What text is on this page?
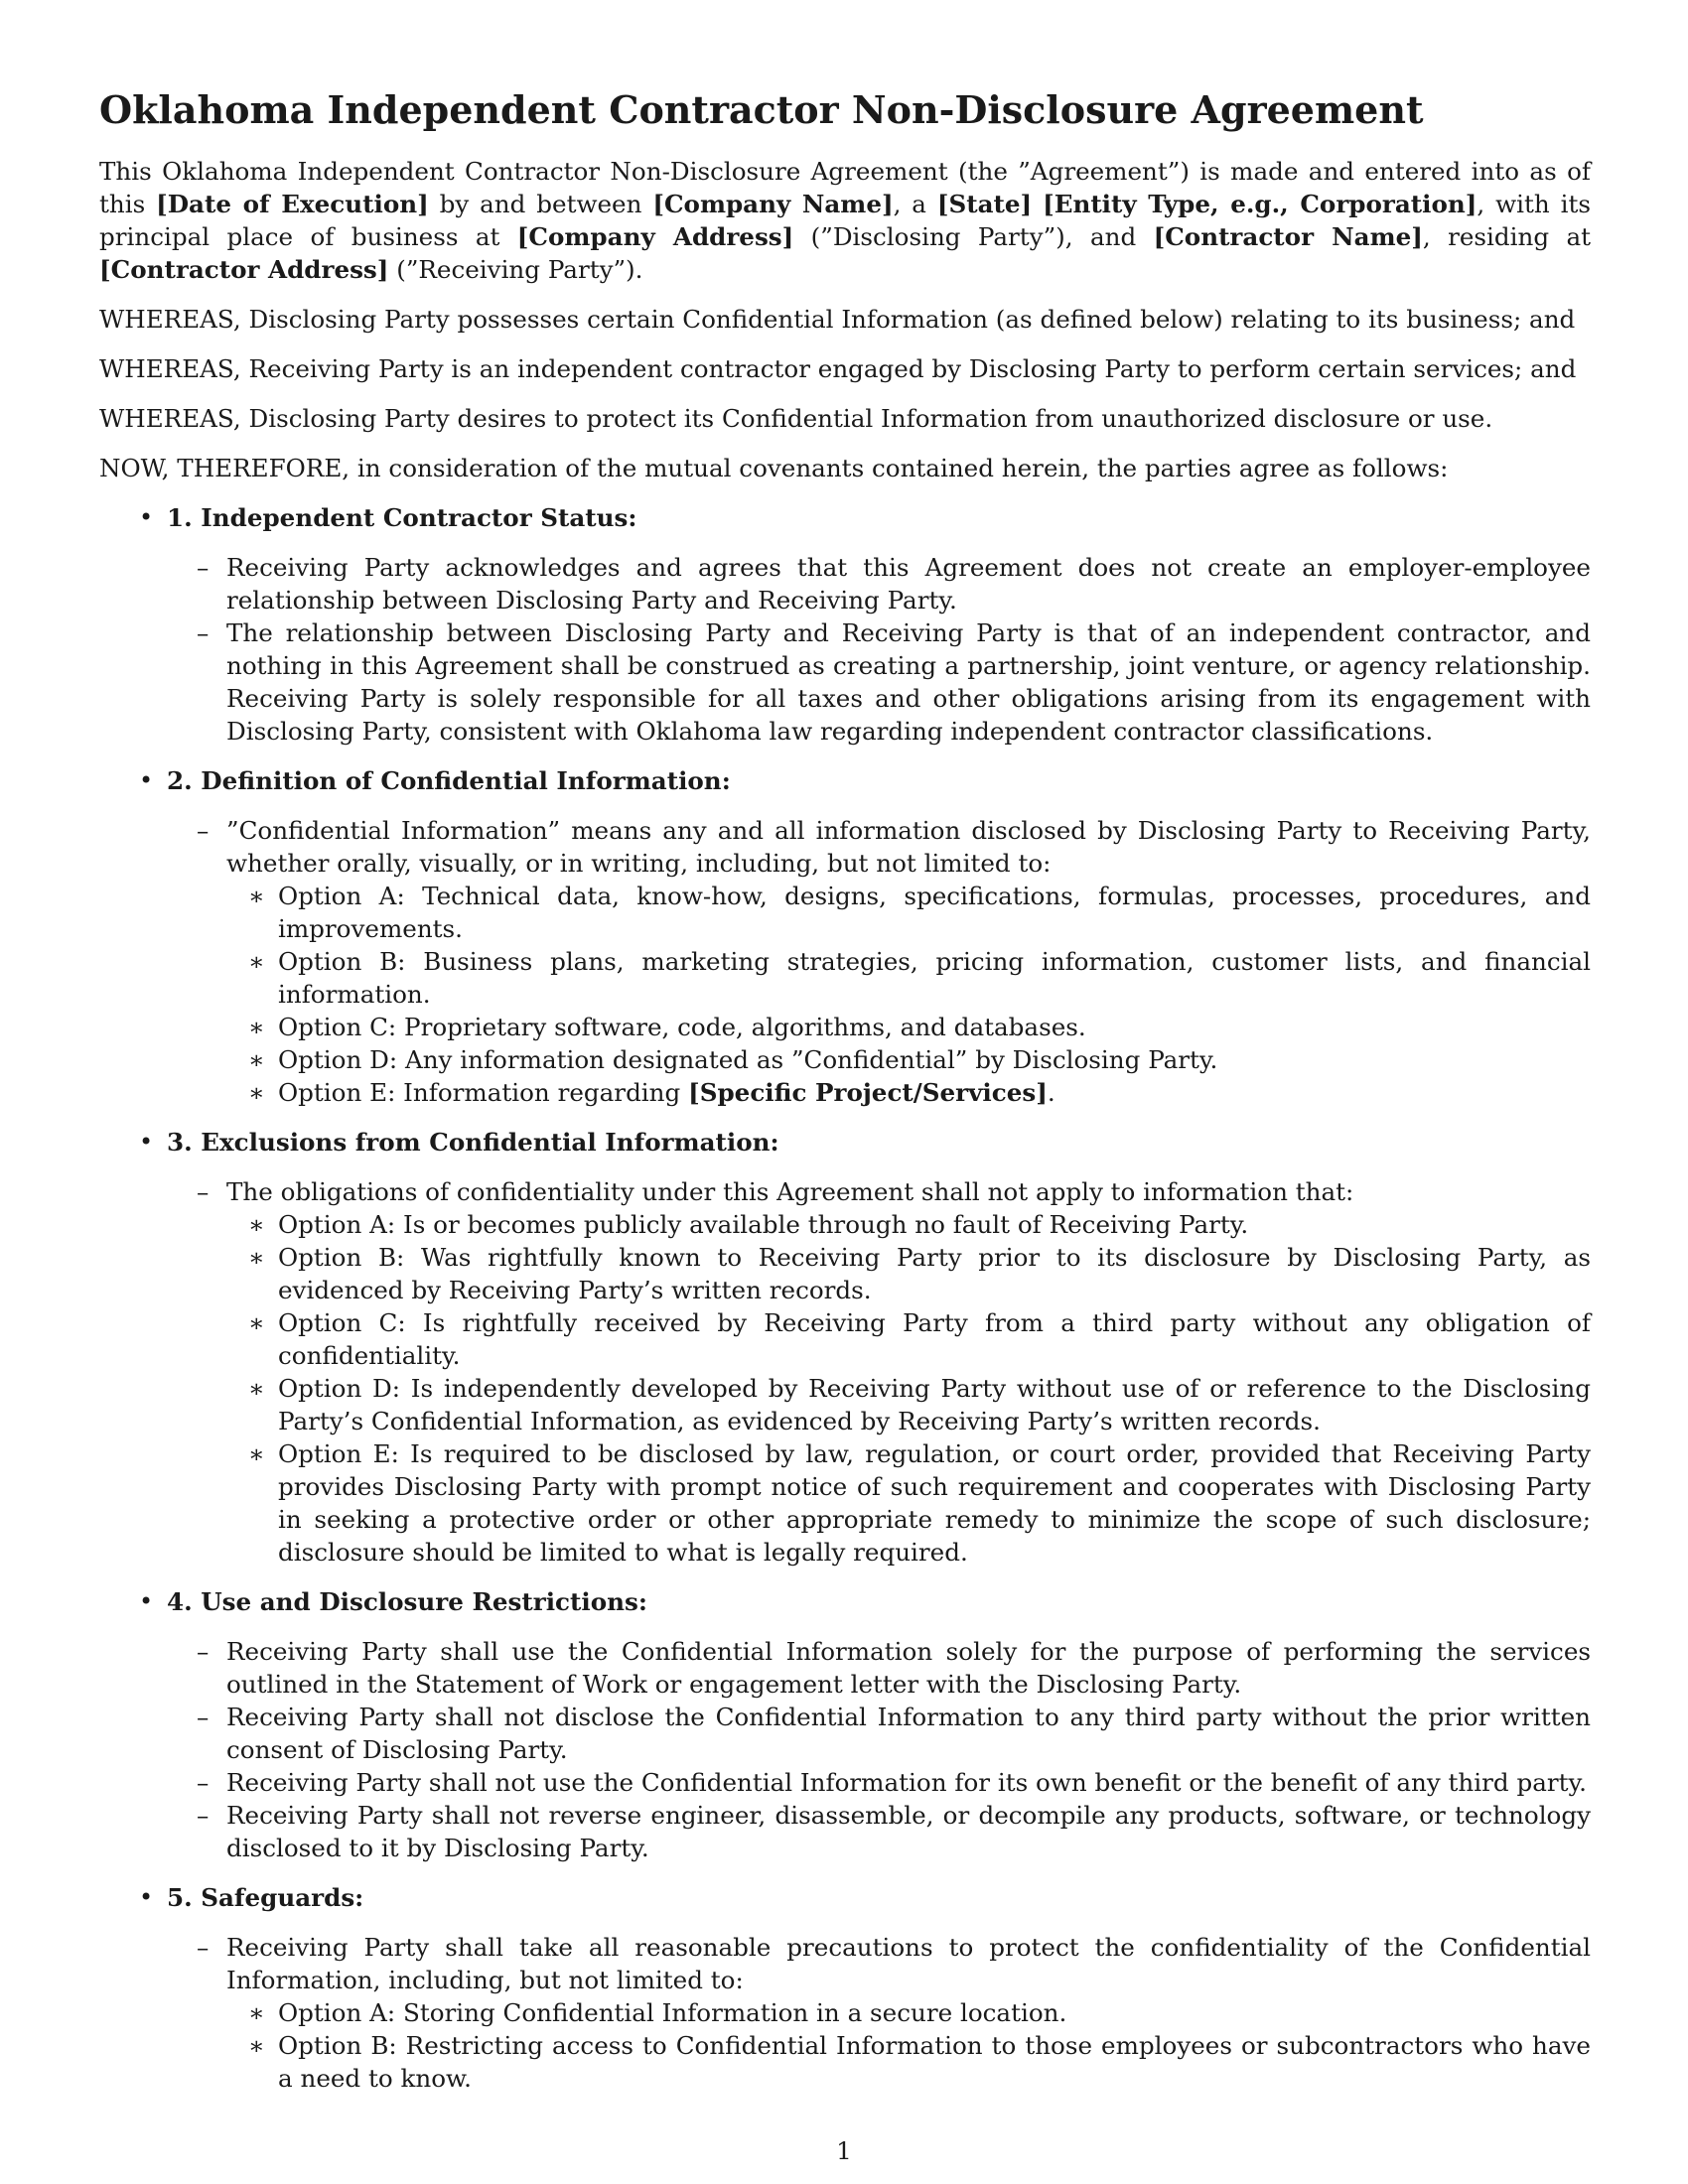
Oklahoma Independent Contractor Non-Disclosure Agreement

This Oklahoma Independent Contractor Non-Disclosure Agreement (the ”Agreement”) is made and entered into as of this [Date of Execution] by and between [Company Name], a [State] [Entity Type, e.g., Corporation], with its principal place of business at [Company Address] (”Disclosing Party”), and [Contractor Name], residing at [Contractor Address] (”Receiving Party”).

WHEREAS, Disclosing Party possesses certain Confidential Information (as defined below) relating to its business; and

WHEREAS, Receiving Party is an independent contractor engaged by Disclosing Party to perform certain services; and

WHEREAS, Disclosing Party desires to protect its Confidential Information from unauthorized disclosure or use.

NOW, THEREFORE, in consideration of the mutual covenants contained herein, the parties agree as follows:

• 1. Independent Contractor Status:
– Receiving Party acknowledges and agrees that this Agreement does not create an employer-employee relationship between Disclosing Party and Receiving Party.
– The relationship between Disclosing Party and Receiving Party is that of an independent contractor, and nothing in this Agreement shall be construed as creating a partnership, joint venture, or agency relationship. Receiving Party is solely responsible for all taxes and other obligations arising from its engagement with Disclosing Party, consistent with Oklahoma law regarding independent contractor classifications.
• 2. Definition of Confidential Information:
– ”Confidential Information” means any and all information disclosed by Disclosing Party to Receiving Party, whether orally, visually, or in writing, including, but not limited to:
∗ Option A: Technical data, know-how, designs, specifications, formulas, processes, procedures, and improvements.
∗ Option B: Business plans, marketing strategies, pricing information, customer lists, and financial information.
∗ Option C: Proprietary software, code, algorithms, and databases.
∗ Option D: Any information designated as ”Confidential” by Disclosing Party.
∗ Option E: Information regarding [Specific Project/Services].
• 3. Exclusions from Confidential Information:
– The obligations of confidentiality under this Agreement shall not apply to information that:
∗ Option A: Is or becomes publicly available through no fault of Receiving Party.
∗ Option B: Was rightfully known to Receiving Party prior to its disclosure by Disclosing Party, as evidenced by Receiving Party’s written records.
∗ Option C: Is rightfully received by Receiving Party from a third party without any obligation of confidentiality.
∗ Option D: Is independently developed by Receiving Party without use of or reference to the Disclosing Party’s Confidential Information, as evidenced by Receiving Party’s written records.
∗ Option E: Is required to be disclosed by law, regulation, or court order, provided that Receiving Party provides Disclosing Party with prompt notice of such requirement and cooperates with Disclosing Party in seeking a protective order or other appropriate remedy to minimize the scope of such disclosure; disclosure should be limited to what is legally required.
• 4. Use and Disclosure Restrictions:
– Receiving Party shall use the Confidential Information solely for the purpose of performing the services outlined in the Statement of Work or engagement letter with the Disclosing Party.
– Receiving Party shall not disclose the Confidential Information to any third party without the prior written consent of Disclosing Party.
– Receiving Party shall not use the Confidential Information for its own benefit or the benefit of any third party.
– Receiving Party shall not reverse engineer, disassemble, or decompile any products, software, or technology disclosed to it by Disclosing Party.
• 5. Safeguards:
– Receiving Party shall take all reasonable precautions to protect the confidentiality of the Confidential Information, including, but not limited to:
∗ Option A: Storing Confidential Information in a secure location.
∗ Option B: Restricting access to Confidential Information to those employees or subcontractors who have a need to know.
1
